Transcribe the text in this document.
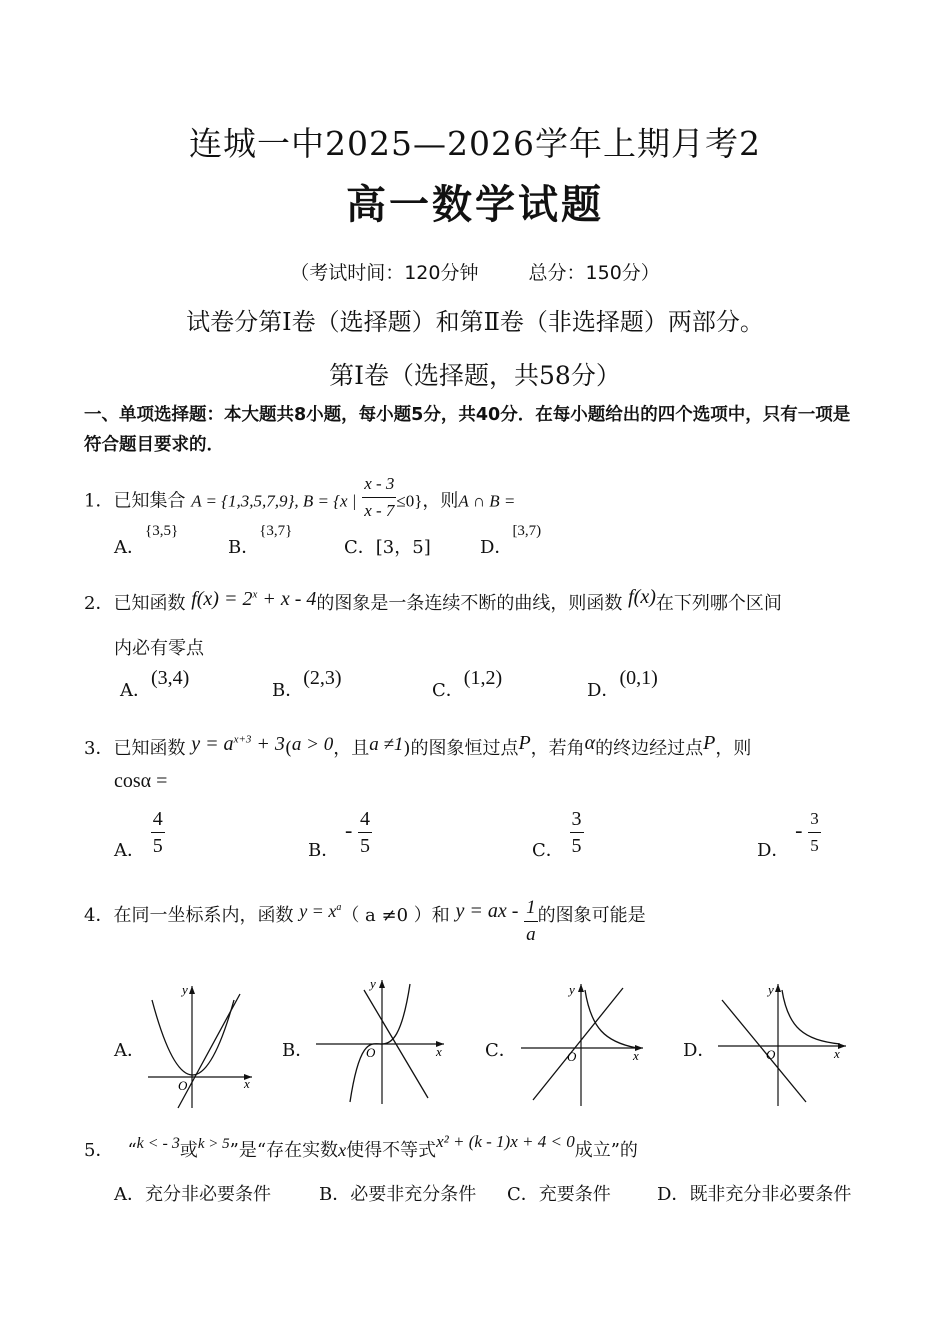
连城一中2025—2026学年上期月考2
高一数学试题
（考试时间：120分钟	总分：150分）
试卷分第Ⅰ卷（选择题）和第Ⅱ卷（非选择题）两部分。
第Ⅰ卷（选择题，共58分）
一、单项选择题：本大题共8小题，每小题5分，共40分．在每小题给出的四个选项中，只有一项是符合题目要求的．
1．已知集合 A = {1,3,5,7,9}, B = {x | $\frac{x - 3}{x - 7} \le 0$}，则A ∩ B =
A．$^{\{3,5\}}$
B．$^{\{3,7\}}$
C．[3，5]	D．$^{[3,7)}$
2．已知函数 $f(x) = 2^x + x - 4$的图象是一条连续不断的曲线，则函数 f(x)在下列哪个区间
内必有零点
A．(3,4)
B．(2,3)
C．(1,2)
D．(0,1)
3．已知函数 $y = a^{x+3} + 3(a > 0$，且a ≠1)的图象恒过点P，若角α的终边经过点P，则
cosα =
A． $\frac{4}{5}$	B． - $\frac{4}{5}$	C． $\frac{3}{5}$	D． - $\frac{3}{5}$
4．在同一坐标系内，函数 $y = x^a$（ a ≠0 ）和 y = ax - $\frac{1}{a}$ 的图象可能是
A．
x
y
O
B．	x
y
O	C．	x
y
O	D．	x
y
O
5． “k < - 3或$^{k > 5}$”是“存在实数x使得不等式x² + (k - 1)x + 4 < 0成立”的
A．充分非必要条件	B．必要非充分条件 C．充要条件	D．既非充分非必要条件
